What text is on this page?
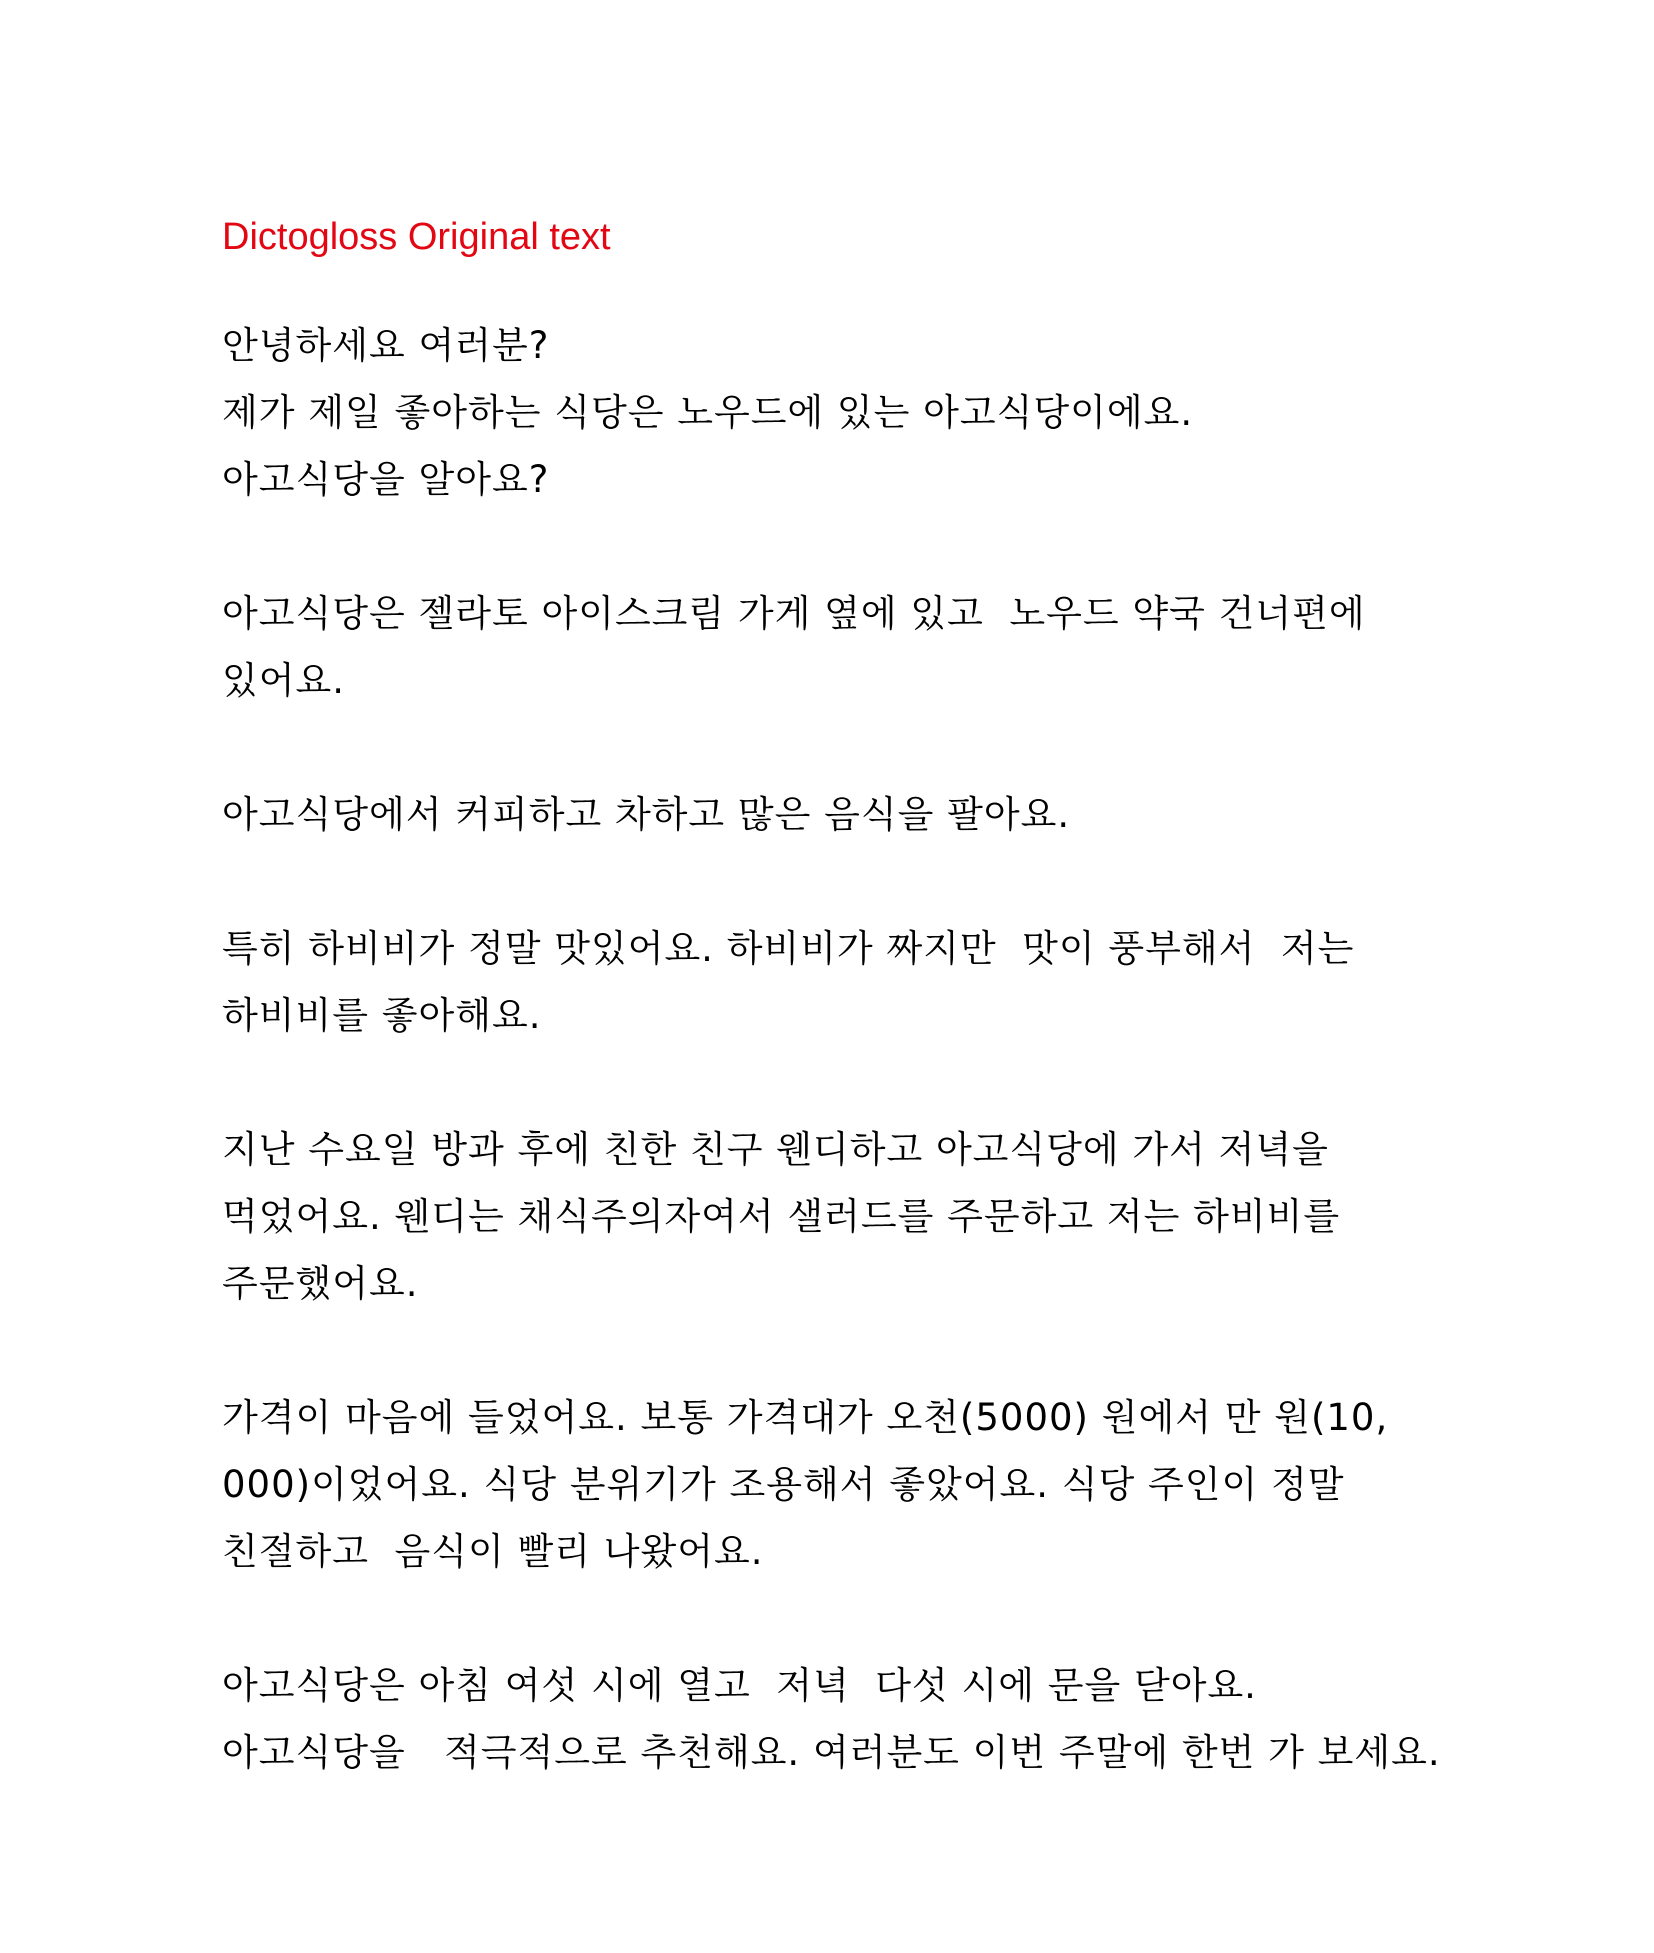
Dictogloss Original text
안녕하세요 여러분?
제가 제일 좋아하는 식당은 노우드에 있는 아고식당이에요.
아고식당을 알아요?
아고식당은 젤라토 아이스크림 가게 옆에 있고  노우드 약국 건너편에
있어요.
아고식당에서 커피하고 차하고 많은 음식을 팔아요.
특히 하비비가 정말 맛있어요. 하비비가 짜지만  맛이 풍부해서  저는
하비비를 좋아해요.
지난 수요일 방과 후에 친한 친구 웬디하고 아고식당에 가서 저녁을
먹었어요. 웬디는 채식주의자여서 샐러드를 주문하고 저는 하비비를
주문했어요.
가격이 마음에 들었어요. 보통 가격대가 오천(5000) 원에서 만 원(10,
000)이었어요. 식당 분위기가 조용해서 좋았어요. 식당 주인이 정말
친절하고  음식이 빨리 나왔어요.
아고식당은 아침 여섯 시에 열고  저녁  다섯 시에 문을 닫아요.
아고식당을   적극적으로 추천해요. 여러분도 이번 주말에 한번 가 보세요.
